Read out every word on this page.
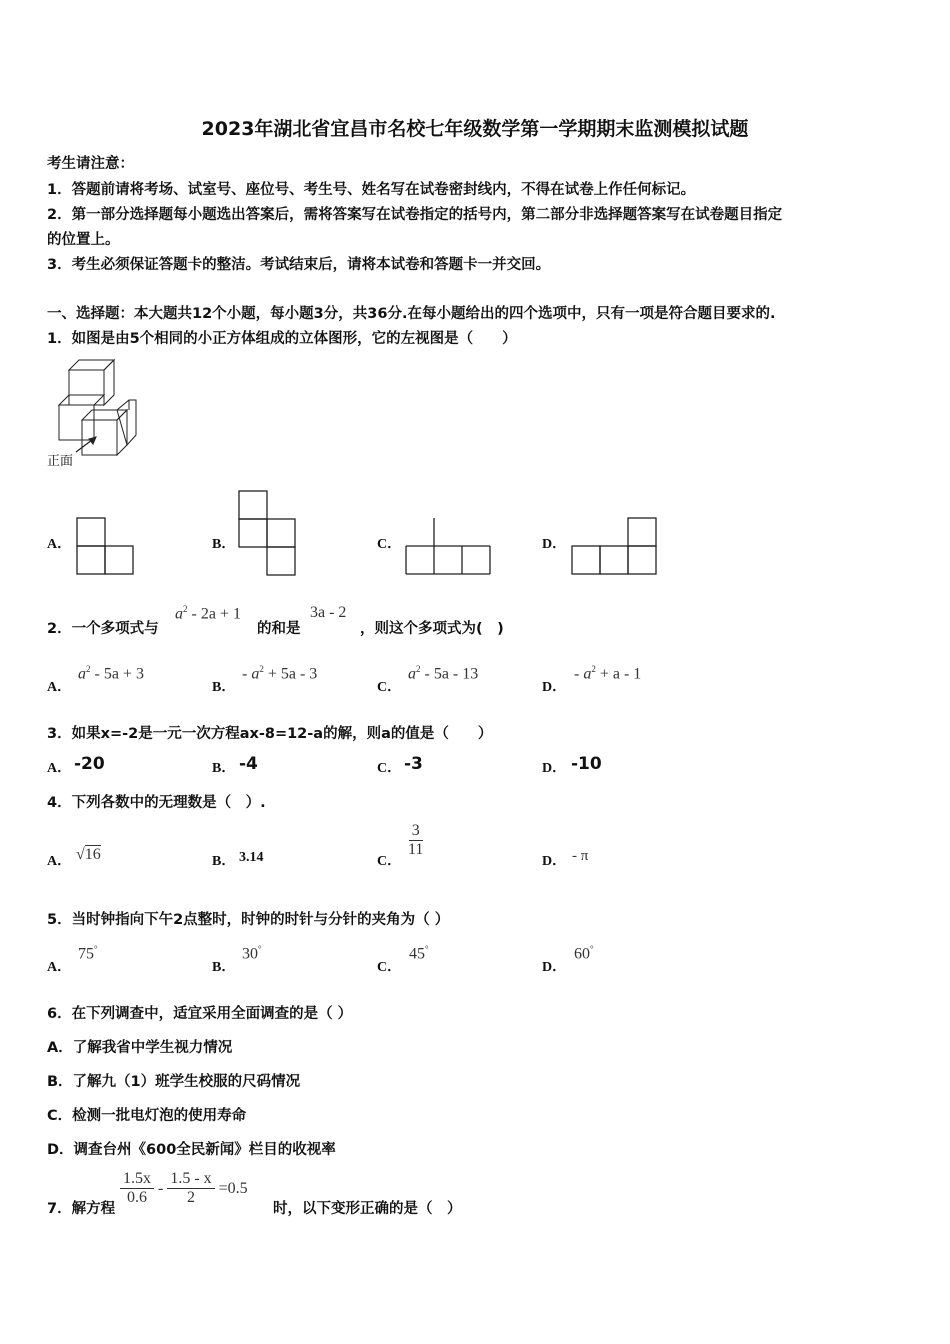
2023年湖北省宜昌市名校七年级数学第一学期期末监测模拟试题
考生请注意：
1．答题前请将考场、试室号、座位号、考生号、姓名写在试卷密封线内，不得在试卷上作任何标记。
2．第一部分选择题每小题选出答案后，需将答案写在试卷指定的括号内，第二部分非选择题答案写在试卷题目指定
的位置上。
3．考生必须保证答题卡的整洁。考试结束后，请将本试卷和答题卡一并交回。
一、选择题：本大题共12个小题，每小题3分，共36分.在每小题给出的四个选项中，只有一项是符合题目要求的.
1．如图是由5个相同的小正方体组成的立体图形，它的左视图是（　　）
正面
A．	B．	C．	D．
2．一个多项式与
$a^2 - 2a + 1$
的和是
3a - 2
，则这个多项式为(　)
A．
$a^2 - 5a + 3$
B．
- $a^2 + 5a - 3$
C．
$a^2 - 5a - 13$
D．
- $a^2 + a - 1$
3．如果x=-2是一元一次方程ax-8=12-a的解，则a的值是（　　）
A． -20	B． -4	C． -3	D． -10
4．下列各数中的无理数是（　）.
A． √16	B． 3.14	C．
$\frac{3}{11}$
D． - π
5．当时钟指向下午2点整时，时钟的时针与分针的夹角为（ ）
A．
75°
B．
30°
C．
45°
D．
60°
6．在下列调查中，适宜采用全面调查的是（ ）
A．了解我省中学生视力情况
B．了解九（1）班学生校服的尺码情况
C．检测一批电灯泡的使用寿命
D．调查台州《600全民新闻》栏目的收视率
7．解方程
$\frac{1.5x}{0.6} - \frac{1.5 - x}{2} =0.5$
时，以下变形正确的是（　）
